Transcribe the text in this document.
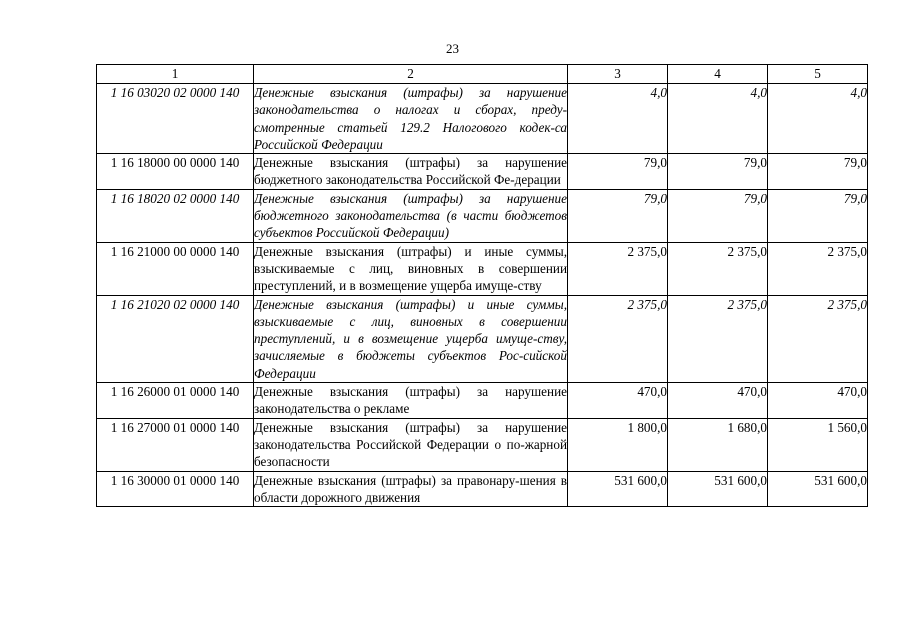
23
1	2	3	4	5
1 16 03020 02 0000 140	Денежные взыскания (штрафы) за нарушение законодательства о налогах и сборах, преду-смотренные статьей 129.2 Налогового кодек-са Российской Федерации	4,0	4,0	4,0
1 16 18000 00 0000 140	Денежные взыскания (штрафы) за нарушение бюджетного законодательства Российской Фе-дерации	79,0	79,0	79,0
1 16 18020 02 0000 140	Денежные взыскания (штрафы) за нарушение бюджетного законодательства (в части бюджетов субъектов Российской Федерации)	79,0	79,0	79,0
1 16 21000 00 0000 140	Денежные взыскания (штрафы) и иные суммы, взыскиваемые с лиц, виновных в совершении преступлений, и в возмещение ущерба имуще-ству	2 375,0	2 375,0	2 375,0
1 16 21020 02 0000 140	Денежные взыскания (штрафы) и иные суммы, взыскиваемые с лиц, виновных в совершении преступлений, и в возмещение ущерба имуще-ству, зачисляемые в бюджеты субъектов Рос-сийской Федерации	2 375,0	2 375,0	2 375,0
1 16 26000 01 0000 140	Денежные взыскания (штрафы) за нарушение законодательства о рекламе	470,0	470,0	470,0
1 16 27000 01 0000 140	Денежные взыскания (штрафы) за нарушение законодательства Российской Федерации о по-жарной безопасности	1 800,0	1 680,0	1 560,0
1 16 30000 01 0000 140	Денежные взыскания (штрафы) за правонару-шения в области дорожного движения	531 600,0	531 600,0	531 600,0
